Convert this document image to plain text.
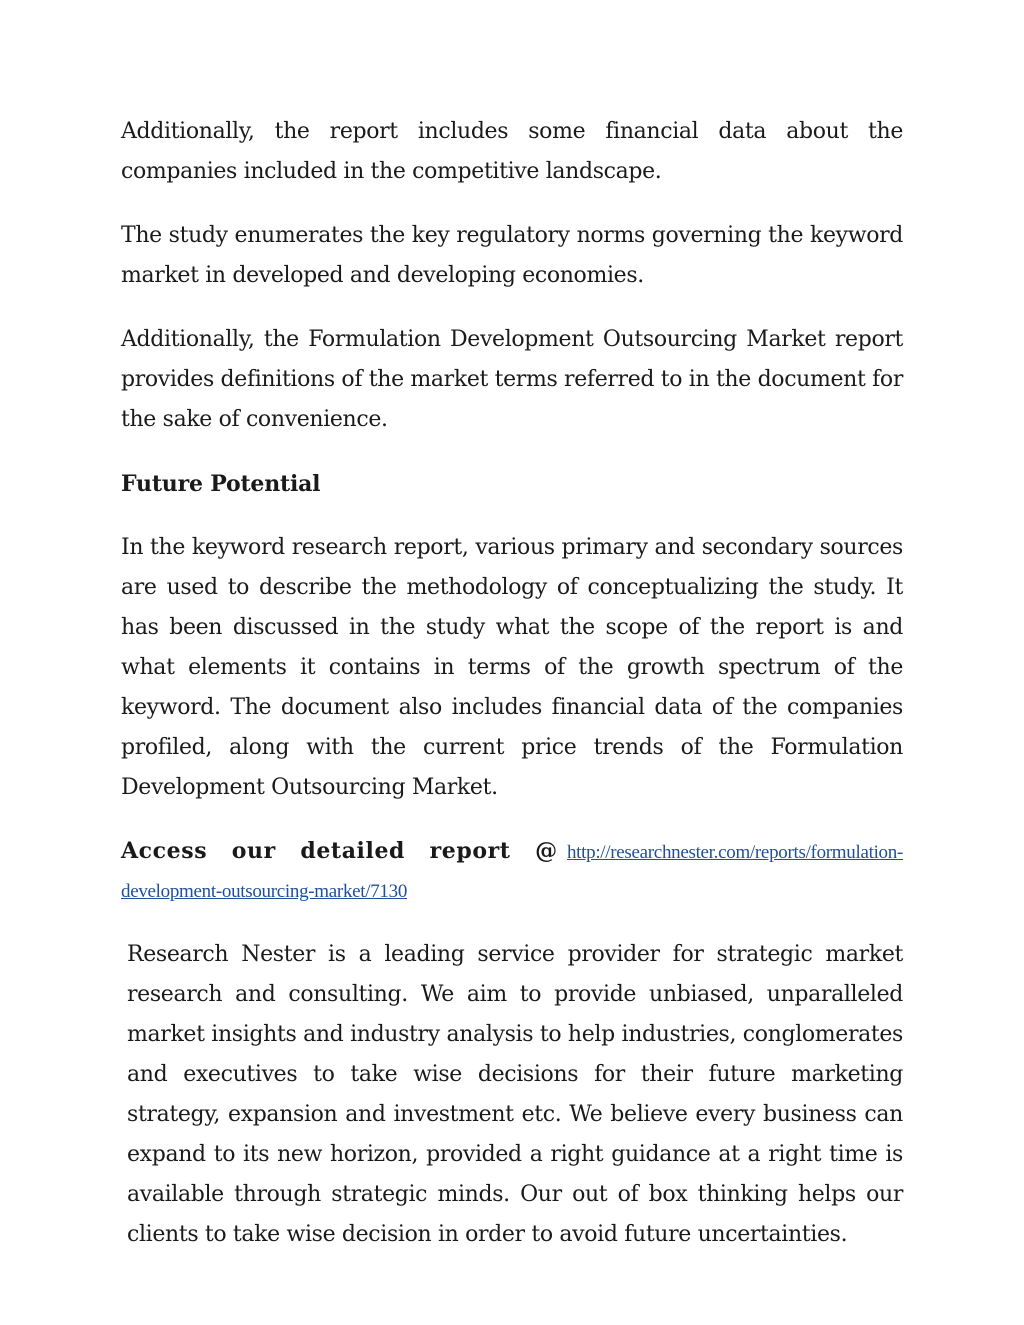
Additionally, the report includes some financial data about the companies included in the competitive landscape.

The study enumerates the key regulatory norms governing the keyword market in developed and developing economies.

Additionally, the Formulation Development Outsourcing Market report provides definitions of the market terms referred to in the document for the sake of convenience.

Future Potential

In the keyword research report, various primary and secondary sources are used to describe the methodology of conceptualizing the study. It has been discussed in the study what the scope of the report is and what elements it contains in terms of the growth spectrum of the keyword. The document also includes financial data of the companies profiled, along with the current price trends of the Formulation Development Outsourcing Market.

Access our detailed report @ http://researchnester.com/reports/formulation-development-outsourcing-market/7130

Research Nester is a leading service provider for strategic market research and consulting. We aim to provide unbiased, unparalleled market insights and industry analysis to help industries, conglomerates and executives to take wise decisions for their future marketing strategy, expansion and investment etc. We believe every business can expand to its new horizon, provided a right guidance at a right time is available through strategic minds. Our out of box thinking helps our clients to take wise decision in order to avoid future uncertainties.
